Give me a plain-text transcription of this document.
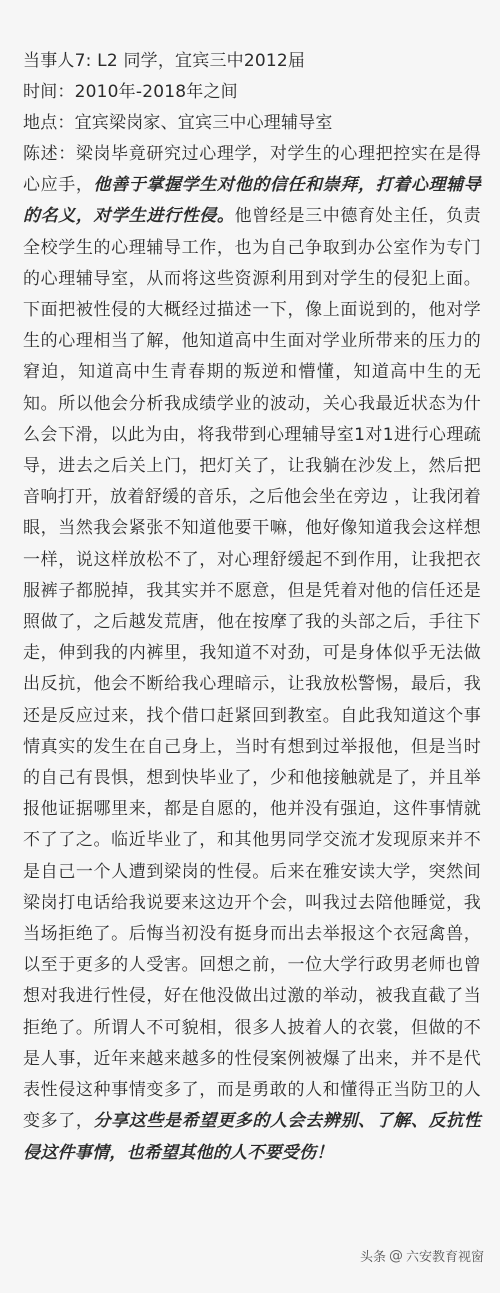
当事人7: L2 同学，宜宾三中2012届
时间：2010年-2018年之间
地点：宜宾梁岗家、宜宾三中心理辅导室
陈述：梁岗毕竟研究过心理学，对学生的心理把控实在是得心应手，他善于掌握学生对他的信任和崇拜，打着心理辅导的名义，对学生进行性侵。他曾经是三中德育处主任，负责全校学生的心理辅导工作，也为自己争取到办公室作为专门的心理辅导室，从而将这些资源利用到对学生的侵犯上面。下面把被性侵的大概经过描述一下，像上面说到的，他对学生的心理相当了解，他知道高中生面对学业所带来的压力的窘迫，知道高中生青春期的叛逆和懵懂，知道高中生的无知。所以他会分析我成绩学业的波动，关心我最近状态为什么会下滑，以此为由，将我带到心理辅导室1对1进行心理疏导，进去之后关上门，把灯关了，让我躺在沙发上，然后把音响打开，放着舒缓的音乐，之后他会坐在旁边 ，让我闭着眼，当然我会紧张不知道他要干嘛，他好像知道我会这样想一样，说这样放松不了，对心理舒缓起不到作用，让我把衣服裤子都脱掉，我其实并不愿意，但是凭着对他的信任还是照做了，之后越发荒唐，他在按摩了我的头部之后，手往下走，伸到我的内裤里，我知道不对劲，可是身体似乎无法做出反抗，他会不断给我心理暗示，让我放松警惕，最后，我还是反应过来，找个借口赶紧回到教室。自此我知道这个事情真实的发生在自己身上，当时有想到过举报他，但是当时的自己有畏惧，想到快毕业了，少和他接触就是了，并且举报他证据哪里来，都是自愿的，他并没有强迫，这件事情就不了了之。临近毕业了，和其他男同学交流才发现原来并不是自己一个人遭到梁岗的性侵。后来在雅安读大学，突然间梁岗打电话给我说要来这边开个会，叫我过去陪他睡觉，我当场拒绝了。后悔当初没有挺身而出去举报这个衣冠禽兽，以至于更多的人受害。回想之前，一位大学行政男老师也曾想对我进行性侵，好在他没做出过激的举动，被我直截了当拒绝了。所谓人不可貌相，很多人披着人的衣裳，但做的不是人事，近年来越来越多的性侵案例被爆了出来，并不是代表性侵这种事情变多了，而是勇敢的人和懂得正当防卫的人变多了，分享这些是希望更多的人会去辨别、了解、反抗性侵这件事情，也希望其他的人不要受伤！
头条 @ 六安教育视窗
